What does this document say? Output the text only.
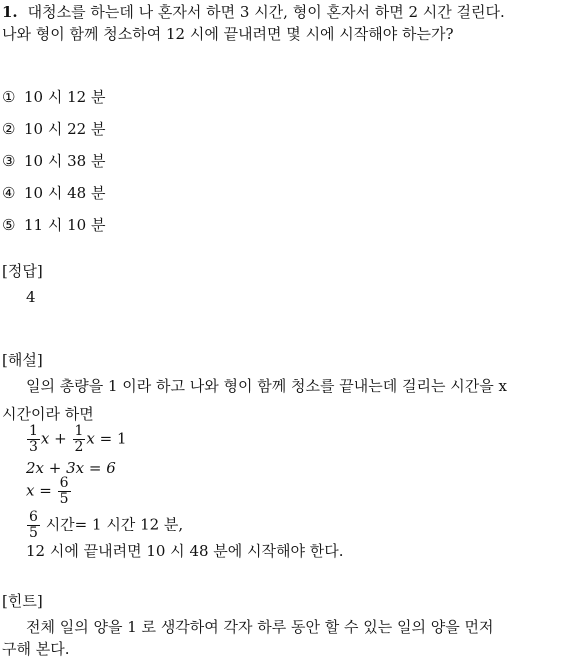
1. 대청소를 하는데 나 혼자서 하면 3 시간, 형이 혼자서 하면 2 시간 걸린다.
나와 형이 함께 청소하여 12 시에 끝내려면 몇 시에 시작해야 하는가?
① 10 시 12 분
② 10 시 22 분
③ 10 시 38 분
④ 10 시 48 분
⑤ 11 시 10 분
[정답]
4
[해설]
일의 총량을 1 이라 하고 나와 형이 함께 청소를 끝내는데 걸리는 시간을 x
시간이라 하면
$\frac{1}{3}$ $x + \frac{1}{2}$ x = 1
2x + 3x = 6
$x = \frac{6}{5}$
$\frac{6}{5}$ 시간= 1 시간 12 분,
12 시에 끝내려면 10 시 48 분에 시작해야 한다.
[힌트]
전체 일의 양을 1 로 생각하여 각자 하루 동안 할 수 있는 일의 양을 먼저
구해 본다.
